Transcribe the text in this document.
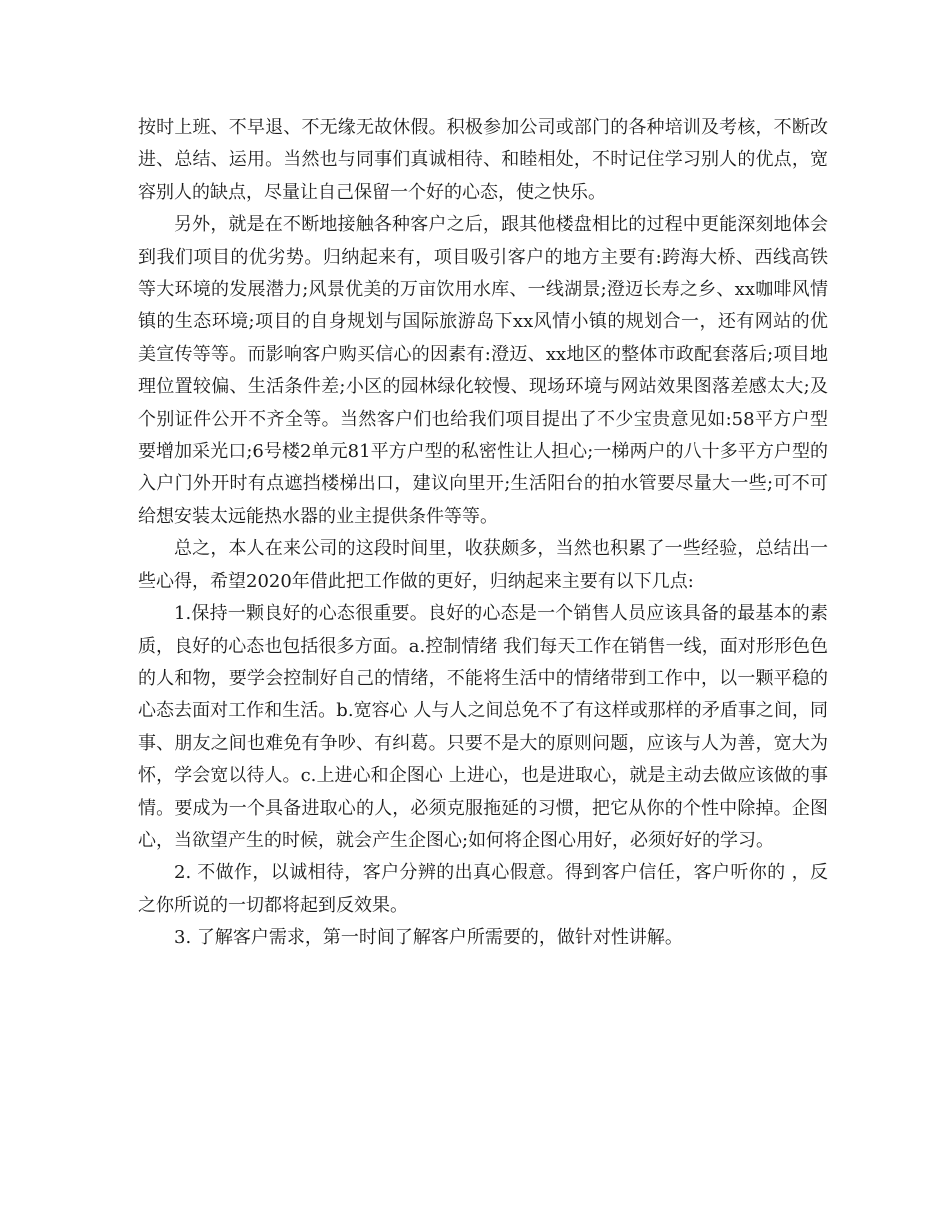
按时上班、不早退、不无缘无故休假。积极参加公司或部门的各种培训及考核，不断改进、总结、运用。当然也与同事们真诚相待、和睦相处，不时记住学习别人的优点，宽容别人的缺点，尽量让自己保留一个好的心态，使之快乐。

另外，就是在不断地接触各种客户之后，跟其他楼盘相比的过程中更能深刻地体会到我们项目的优劣势。归纳起来有，项目吸引客户的地方主要有:跨海大桥、西线高铁等大环境的发展潜力;风景优美的万亩饮用水库、一线湖景;澄迈长寿之乡、xx咖啡风情镇的生态环境;项目的自身规划与国际旅游岛下xx风情小镇的规划合一，还有网站的优美宣传等等。而影响客户购买信心的因素有:澄迈、xx地区的整体市政配套落后;项目地理位置较偏、生活条件差;小区的园林绿化较慢、现场环境与网站效果图落差感太大;及个别证件公开不齐全等。当然客户们也给我们项目提出了不少宝贵意见如:58平方户型要增加采光口;6号楼2单元81平方户型的私密性让人担心;一梯两户的八十多平方户型的入户门外开时有点遮挡楼梯出口，建议向里开;生活阳台的拍水管要尽量大一些;可不可给想安装太远能热水器的业主提供条件等等。

总之，本人在来公司的这段时间里，收获颇多，当然也积累了一些经验，总结出一些心得，希望2020年借此把工作做的更好，归纳起来主要有以下几点:

1.保持一颗良好的心态很重要。良好的心态是一个销售人员应该具备的最基本的素质，良好的心态也包括很多方面。a.控制情绪 我们每天工作在销售一线，面对形形色色的人和物，要学会控制好自己的情绪，不能将生活中的情绪带到工作中，以一颗平稳的心态去面对工作和生活。b.宽容心 人与人之间总免不了有这样或那样的矛盾事之间，同事、朋友之间也难免有争吵、有纠葛。只要不是大的原则问题，应该与人为善，宽大为怀，学会宽以待人。c.上进心和企图心 上进心，也是进取心，就是主动去做应该做的事情。要成为一个具备进取心的人，必须克服拖延的习惯，把它从你的个性中除掉。企图心，当欲望产生的时候，就会产生企图心;如何将企图心用好，必须好好的学习。

2. 不做作，以诚相待，客户分辨的出真心假意。得到客户信任，客户听你的 ，反之你所说的一切都将起到反效果。

3. 了解客户需求，第一时间了解客户所需要的，做针对性讲解。
